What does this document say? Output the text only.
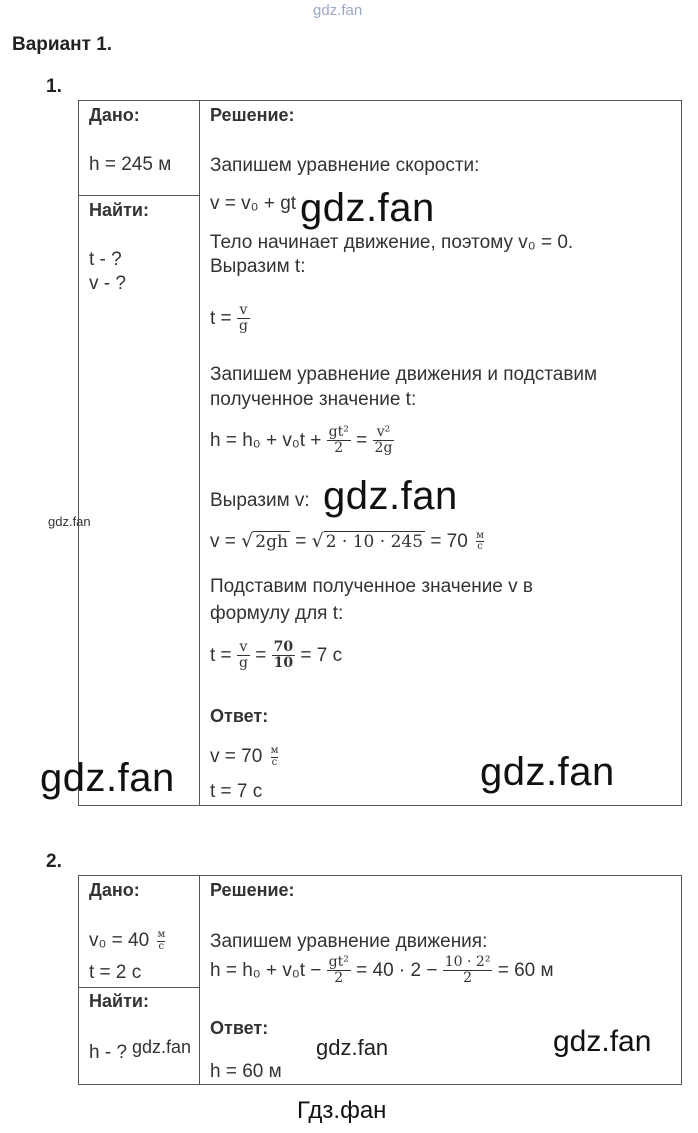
gdz.fan
Вариант 1.
1.
Дано:
h = 245 м
Найти:
t - ?
v - ?
Решение:
Запишем уравнение скорости:
v = v₀ + gt
Тело начинает движение, поэтому v₀ = 0.
Выразим t:
$t = \frac{v}{g}$
Запишем уравнение движения и подставим
полученное значение t:
$h = h_0 + v_0t + \frac{\text{gt²}}{2} = \frac{\text{v²}}{2g}$
Выразим v:
v = √ 2gh = √ 2 · 10 · 245 = 70 м
с
Подставим полученное значение v в
формулу для t:
$t = \frac{v}{g} = \frac{70}{10} = 7$ с
Ответ:
v = 70 м
с
t = 7 с
gdz.fan
gdz.fan
gdz.fan
gdz.fan	gdz.fan
2.
Дано:
v₀ = 40 м
с
t = 2 с
Найти:
h - ?
Решение:
Запишем уравнение движения:
$h = h_0 + v_0t - \frac{\text{gt²}}{2} = 40 \cdot 2 - \frac{\text{10 · 2²}}{2} = 60$ м
Ответ:
h = 60 м
gdz.fan	gdz.fan	gdz.fan
Гдз.фан
